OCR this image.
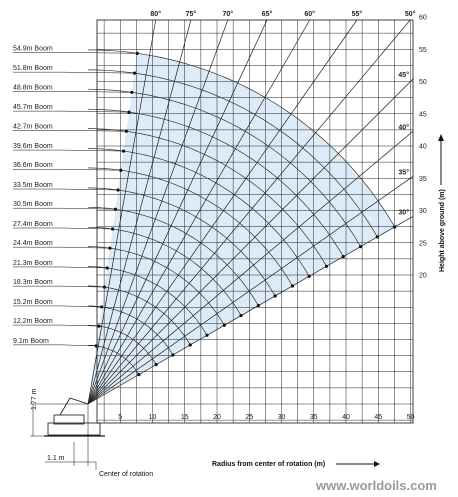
5	10	15	20	25	30	35	40	45	50
20
25
30
35
40
45
50
55
60
80°	75°	70°	65°	60°	55°	50°
45°
40°
35°
30°
9.1m Boom
12.2m Boom
15.2m Boom
18.3m Boom
21.3m Boom
24.4m Boom
27.4m Boom
30.5m Boom
33.5m Boom
36.6m Boom
39.6m Boom
42.7m Boom
45.7m Boom
48.8m Boom
51.8m Boom
54.9m Boom
Radius from center of rotation (m)
Height above ground (m)
1.77 m
1.1 m
Center of rotation
www.worldoils.com
